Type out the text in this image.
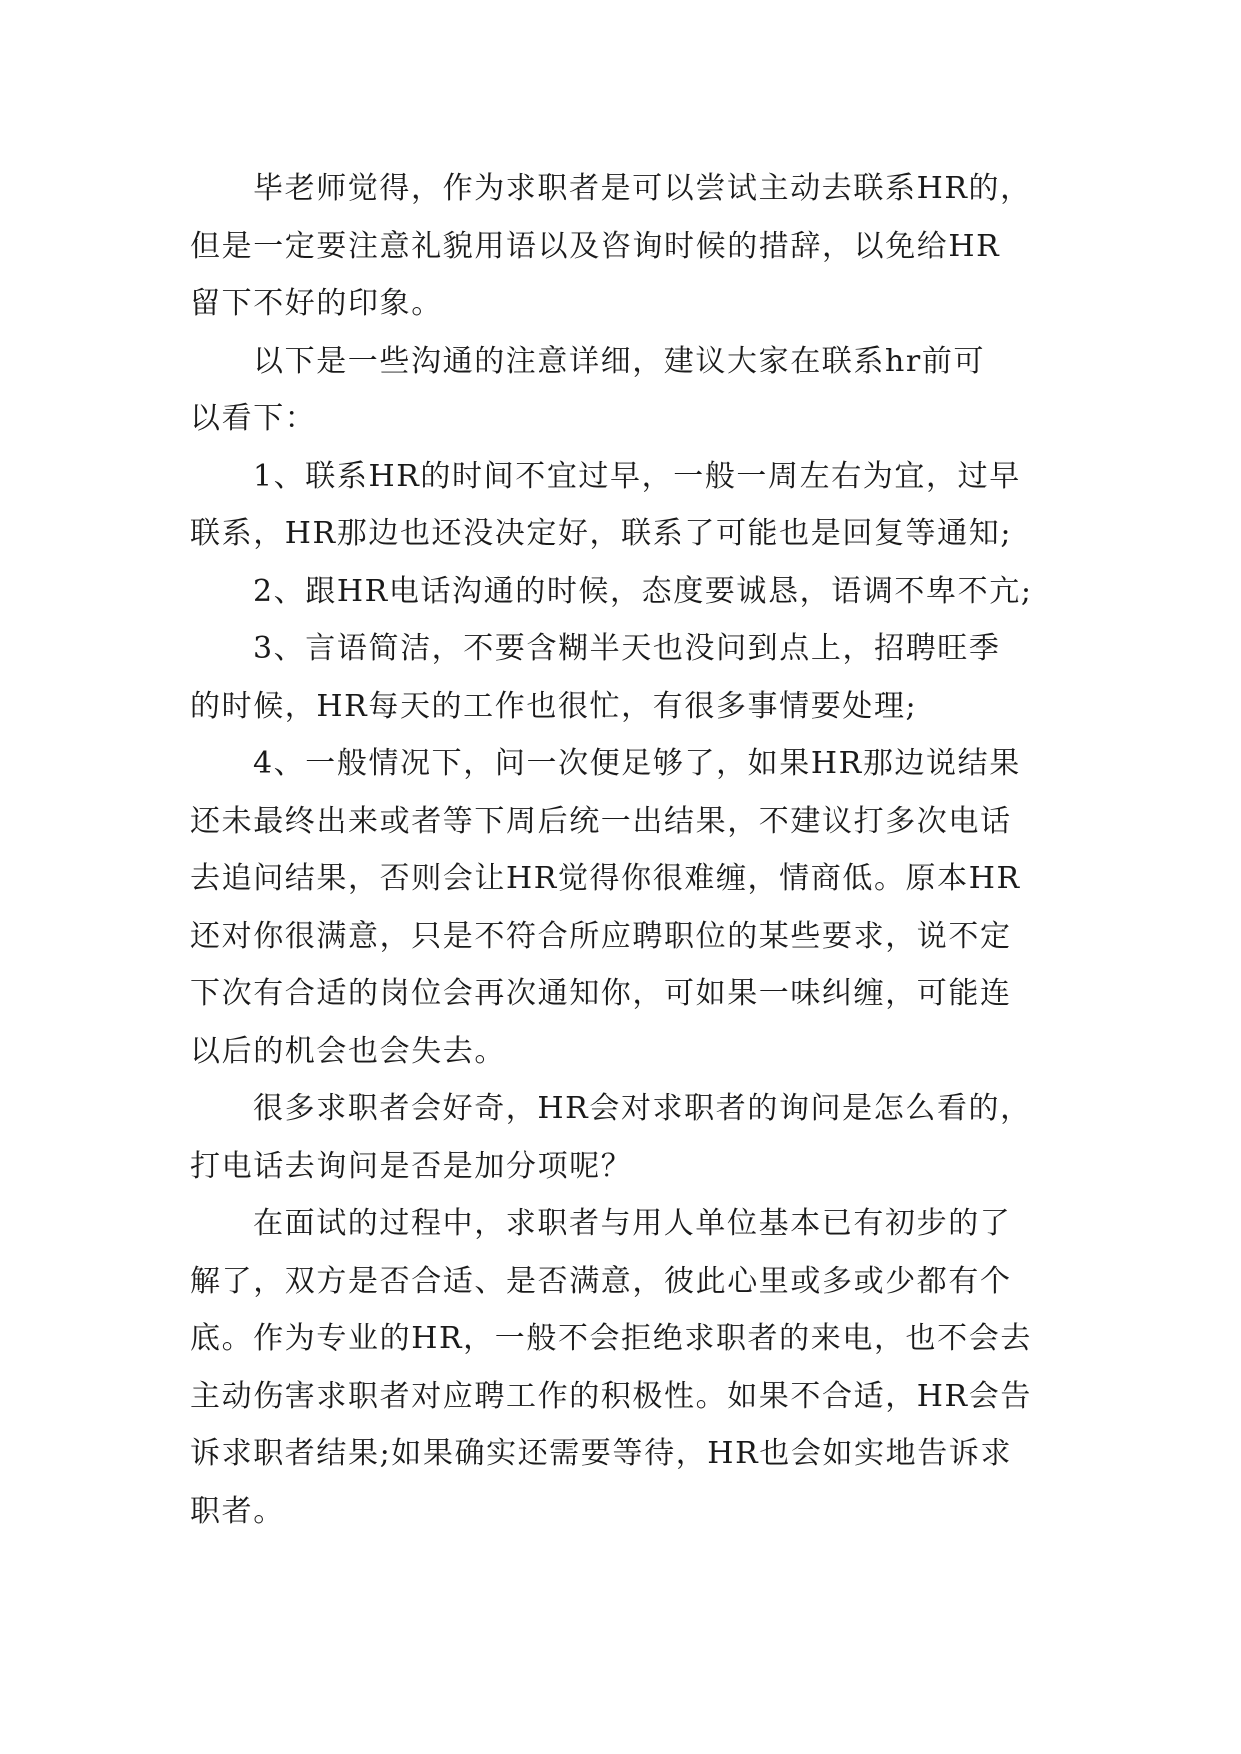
毕老师觉得，作为求职者是可以尝试主动去联系HR的，
但是一定要注意礼貌用语以及咨询时候的措辞，以免给HR
留下不好的印象。

以下是一些沟通的注意详细，建议大家在联系hr前可
以看下：

1、联系HR的时间不宜过早，一般一周左右为宜，过早
联系，HR那边也还没决定好，联系了可能也是回复等通知;

2、跟HR电话沟通的时候，态度要诚恳，语调不卑不亢;

3、言语简洁，不要含糊半天也没问到点上，招聘旺季
的时候，HR每天的工作也很忙，有很多事情要处理;

4、一般情况下，问一次便足够了，如果HR那边说结果
还未最终出来或者等下周后统一出结果，不建议打多次电话
去追问结果，否则会让HR觉得你很难缠，情商低。原本HR
还对你很满意，只是不符合所应聘职位的某些要求，说不定
下次有合适的岗位会再次通知你，可如果一味纠缠，可能连
以后的机会也会失去。

很多求职者会好奇，HR会对求职者的询问是怎么看的，
打电话去询问是否是加分项呢？

在面试的过程中，求职者与用人单位基本已有初步的了
解了，双方是否合适、是否满意，彼此心里或多或少都有个
底。作为专业的HR，一般不会拒绝求职者的来电，也不会去
主动伤害求职者对应聘工作的积极性。如果不合适，HR会告
诉求职者结果;如果确实还需要等待，HR也会如实地告诉求
职者。
